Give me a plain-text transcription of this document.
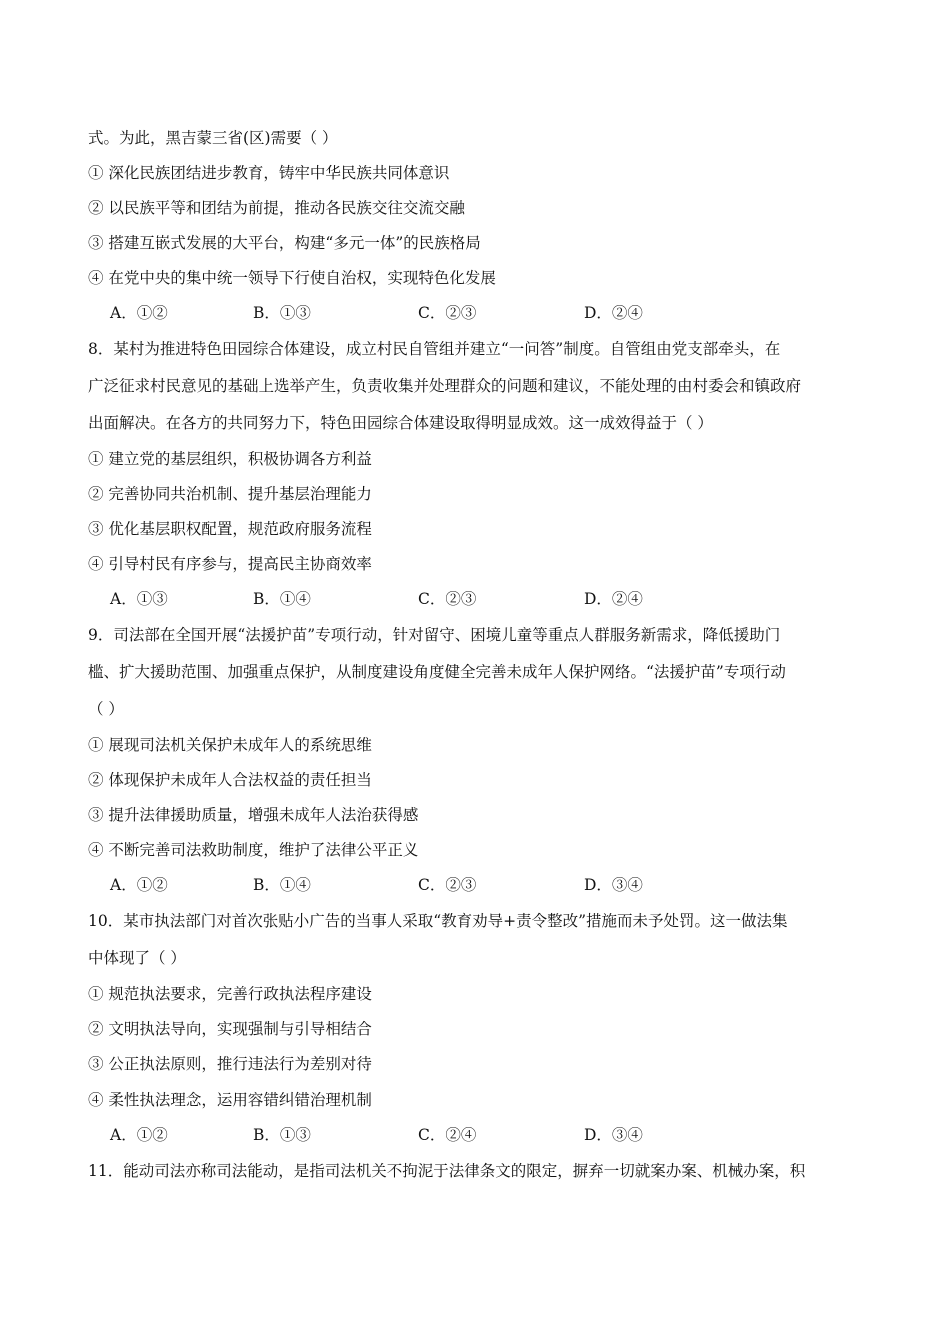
式。为此，黑吉蒙三省(区)需要（ ）
① 深化民族团结进步教育，铸牢中华民族共同体意识
② 以民族平等和团结为前提，推动各民族交往交流交融
③ 搭建互嵌式发展的大平台，构建“多元一体”的民族格局
④ 在党中央的集中统一领导下行使自治权，实现特色化发展
A．①②	B．①③	C．②③	D．②④
8．某村为推进特色田园综合体建设，成立村民自管组并建立“一问答”制度。自管组由党支部牵头，在
广泛征求村民意见的基础上选举产生，负责收集并处理群众的问题和建议，不能处理的由村委会和镇政府
出面解决。在各方的共同努力下，特色田园综合体建设取得明显成效。这一成效得益于（ ）
① 建立党的基层组织，积极协调各方利益
② 完善协同共治机制、提升基层治理能力
③ 优化基层职权配置，规范政府服务流程
④ 引导村民有序参与，提高民主协商效率
A．①③	B．①④	C．②③	D．②④
9．司法部在全国开展“法援护苗”专项行动，针对留守、困境儿童等重点人群服务新需求，降低援助门
槛、扩大援助范围、加强重点保护，从制度建设角度健全完善未成年人保护网络。“法援护苗”专项行动
（ ）
① 展现司法机关保护未成年人的系统思维
② 体现保护未成年人合法权益的责任担当
③ 提升法律援助质量，增强未成年人法治获得感
④ 不断完善司法救助制度，维护了法律公平正义
A．①②	B．①④	C．②③	D．③④
10．某市执法部门对首次张贴小广告的当事人采取“教育劝导+责令整改”措施而未予处罚。这一做法集
中体现了（ ）
① 规范执法要求，完善行政执法程序建设
② 文明执法导向，实现强制与引导相结合
③ 公正执法原则，推行违法行为差别对待
④ 柔性执法理念，运用容错纠错治理机制
A．①②	B．①③	C．②④	D．③④
11．能动司法亦称司法能动，是指司法机关不拘泥于法律条文的限定，摒弃一切就案办案、机械办案，积
